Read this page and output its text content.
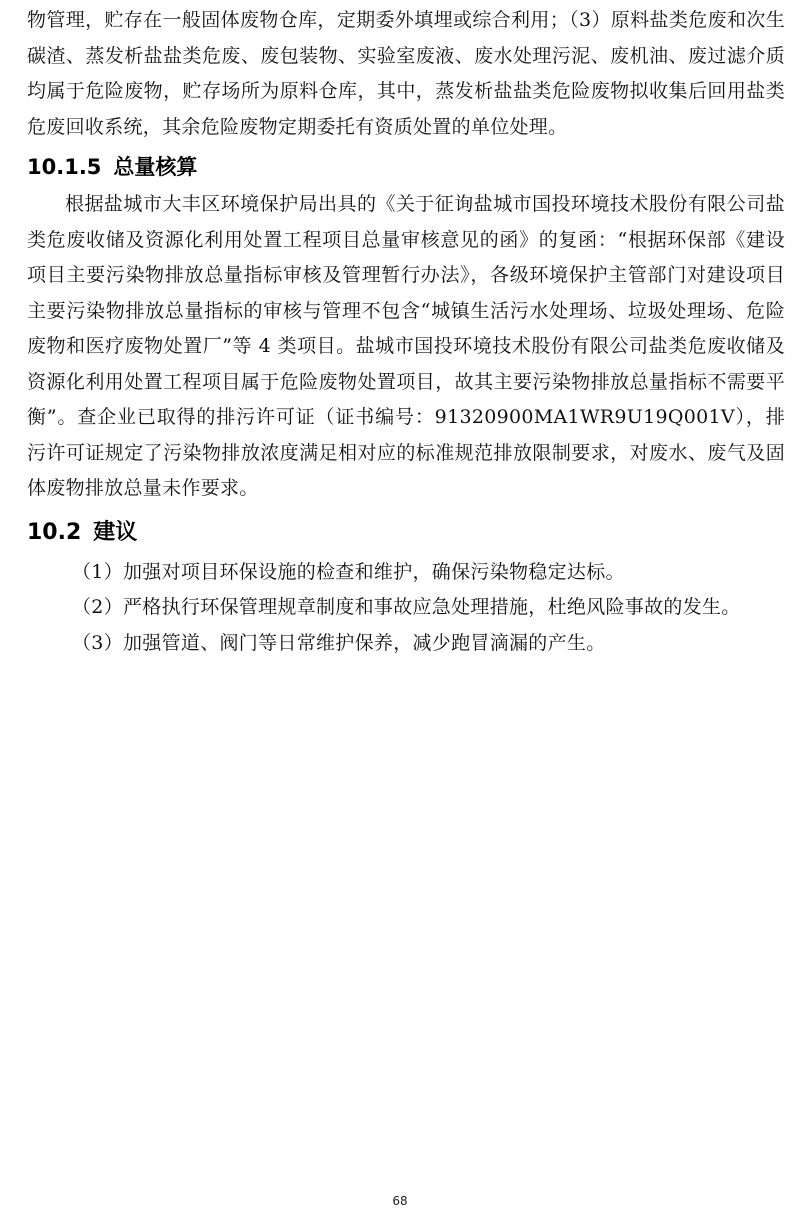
物管理，贮存在一般固体废物仓库，定期委外填埋或综合利用；（3）原料盐类危废和次生碳渣、蒸发析盐盐类危废、废包装物、实验室废液、废水处理污泥、废机油、废过滤介质均属于危险废物，贮存场所为原料仓库，其中，蒸发析盐盐类危险废物拟收集后回用盐类危废回收系统，其余危险废物定期委托有资质处置的单位处理。

10.1.5 总量核算

根据盐城市大丰区环境保护局出具的《关于征询盐城市国投环境技术股份有限公司盐类危废收储及资源化利用处置工程项目总量审核意见的函》的复函：“根据环保部《建设项目主要污染物排放总量指标审核及管理暂行办法》，各级环境保护主管部门对建设项目主要污染物排放总量指标的审核与管理不包含“城镇生活污水处理场、垃圾处理场、危险废物和医疗废物处置厂”等 4 类项目。盐城市国投环境技术股份有限公司盐类危废收储及资源化利用处置工程项目属于危险废物处置项目，故其主要污染物排放总量指标不需要平衡”。查企业已取得的排污许可证（证书编号：91320900MA1WR9U19Q001V），排污许可证规定了污染物排放浓度满足相对应的标准规范排放限制要求，对废水、废气及固体废物排放总量未作要求。

10.2 建议

（1）加强对项目环保设施的检查和维护，确保污染物稳定达标。

（2）严格执行环保管理规章制度和事故应急处理措施，杜绝风险事故的发生。

（3）加强管道、阀门等日常维护保养，减少跑冒滴漏的产生。

68
